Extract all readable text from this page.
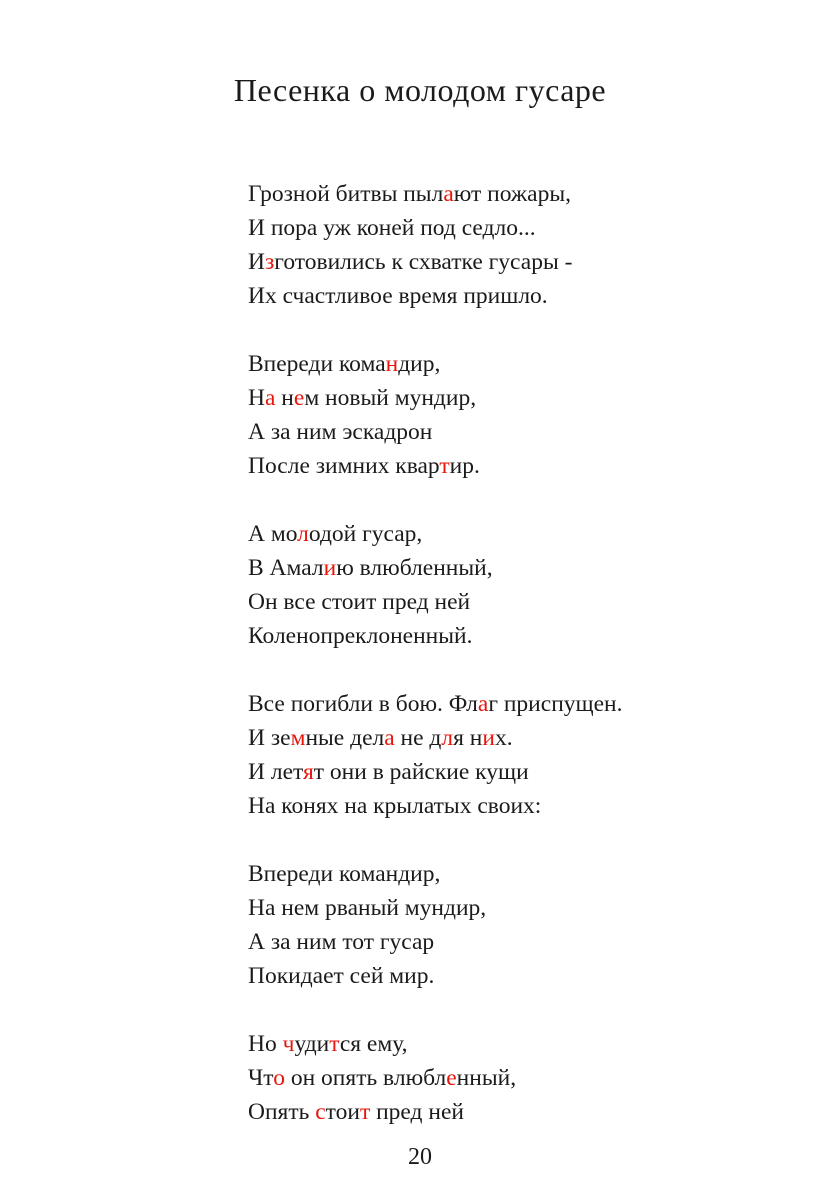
Песенка о молодом гусаре
Грозной битвы пылают пожары,
И пора уж коней под седло...
Изготовились к схватке гусары -
Их счастливое время пришло.
Впереди командир,
На нем новый мундир,
А за ним эскадрон
После зимних квартир.
А молодой гусар,
В Амалию влюбленный,
Он все стоит пред ней
Коленопреклоненный.
Все погибли в бою. Флаг приспущен.
И земные дела не для них.
И летят они в райские кущи
На конях на крылатых своих:
Впереди командир,
На нем рваный мундир,
А за ним тот гусар
Покидает сей мир.
Но чудится ему,
Что он опять влюбленный,
Опять стоит пред ней
20
